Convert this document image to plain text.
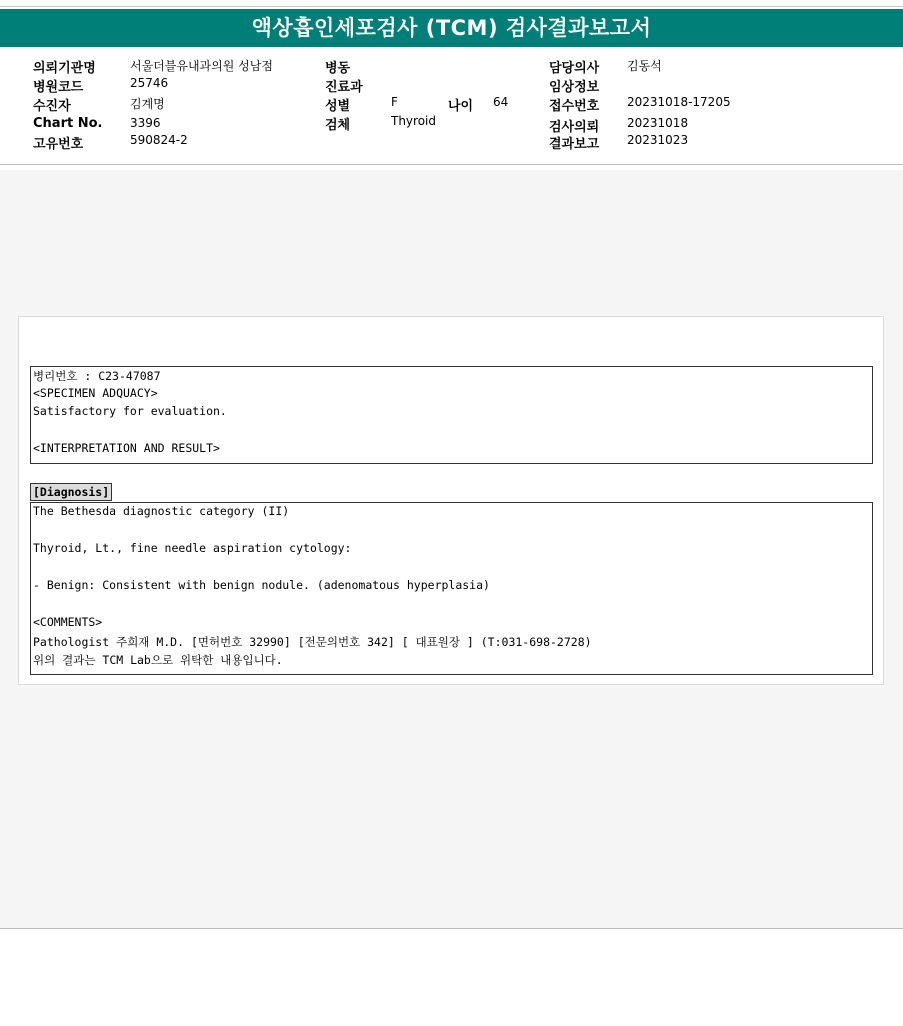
액상흡인세포검사 (TCM) 검사결과보고서
의뢰기관명	서울더블유내과의원 성남점
병원코드	25746
수진자	김계명
Chart No. 3396
고유번호	590824-2
병동
진료과
성별	F	나이 64
검체	Thyroid
담당의사 김동석
임상정보
접수번호 20231018-17205
검사의뢰 20231018
결과보고 20231023
병리번호 : C23-47087
<SPECIMEN ADQUACY>
Satisfactory for evaluation.
<INTERPRETATION AND RESULT>
[Diagnosis]
The Bethesda diagnostic category (II)
Thyroid, Lt., fine needle aspiration cytology:
- Benign: Consistent with benign nodule. (adenomatous hyperplasia)
<COMMENTS>
Pathologist 주희재 M.D. [면허번호 32990] [전문의번호 342] [ 대표원장 ] (T:031-698-2728)
위의 결과는 TCM Lab으로 위탁한 내용입니다.
